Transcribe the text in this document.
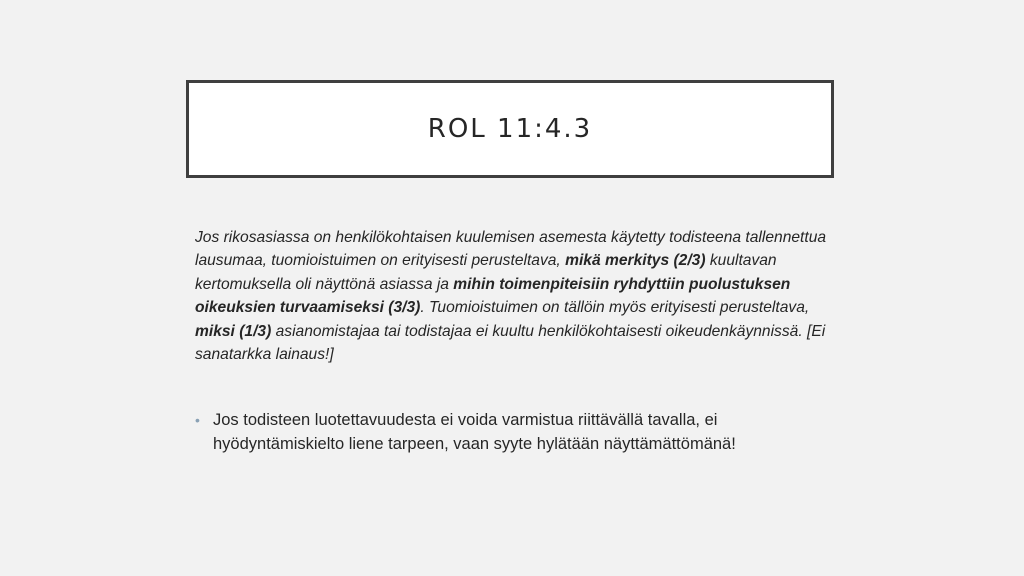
ROL 11:4.3
Jos rikosasiassa on henkilökohtaisen kuulemisen asemesta käytetty todisteena tallennettua lausumaa, tuomioistuimen on erityisesti perusteltava, mikä merkitys (2/3) kuultavan kertomuksella oli näyttönä asiassa ja mihin toimenpiteisiin ryhdyttiin puolustuksen oikeuksien turvaamiseksi (3/3). Tuomioistuimen on tällöin myös erityisesti perusteltava, miksi (1/3) asianomistajaa tai todistajaa ei kuultu henkilökohtaisesti oikeudenkäynnissä. [Ei sanatarkka lainaus!]
• Jos todisteen luotettavuudesta ei voida varmistua riittävällä tavalla, ei hyödyntämiskielto liene tarpeen, vaan syyte hylätään näyttämättömänä!
